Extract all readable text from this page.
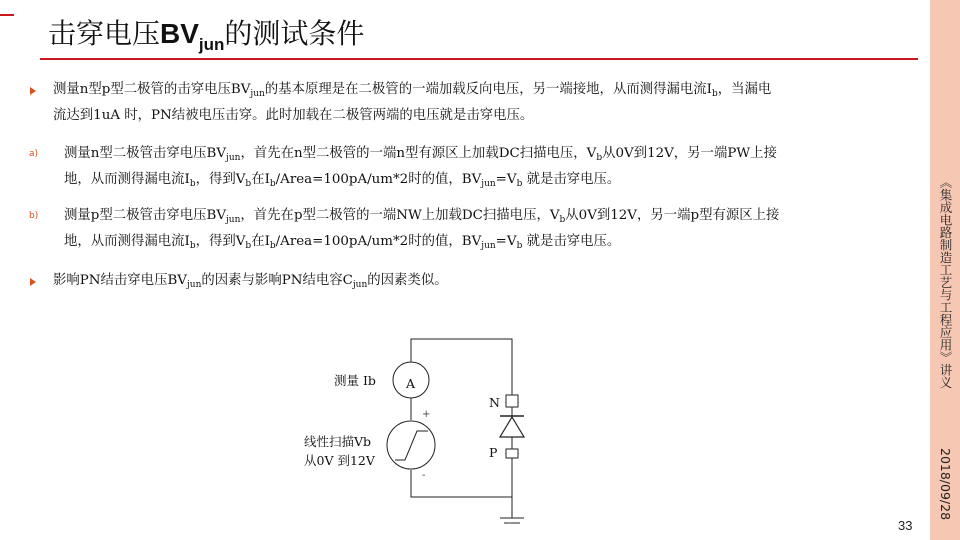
击穿电压$BV_{jun}$的测试条件
《集成电路制造工艺与工程应用》讲义
2018/09/28
33
测量n型p型二极管的击穿电压$BV_{jun}$的基本原理是在二极管的一端加载反向电压，另一端接地，从而测得漏电流$I_b$，当漏电
流达到1uA 时，PN结被电压击穿。此时加载在二极管两端的电压就是击穿电压。
a) 测量n型二极管击穿电压$BV_{jun}$，首先在n型二极管的一端n型有源区上加载DC扫描电压，$V_b$从0V到12V，另一端PW上接
地，从而测得漏电流$I_b$，得到$V_b$在$I_b/Area=100pA/um*2$时的值，$BV_{jun}=V_b$ 就是击穿电压。
b) 测量p型二极管击穿电压$BV_{jun}$，首先在p型二极管的一端NW上加载DC扫描电压，$V_b$从0V到12V，另一端p型有源区上接
地，从而测得漏电流$I_b$，得到$V_b$在$I_b/Area=100pA/um*2$时的值，$BV_{jun}=V_b$ 就是击穿电压。
影响PN结击穿电压$BV_{jun}$的因素与影响PN结电容$C_{jun}$的因素类似。
测量 Ib A
线性扫描Vb
从0V 到12V
+
-
N
P
-
